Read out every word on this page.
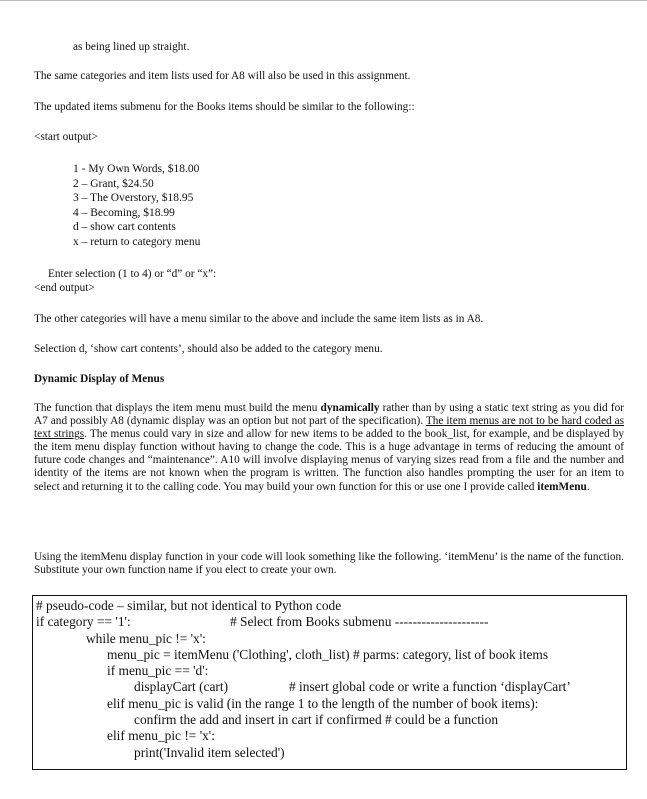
as being lined up straight.
The same categories and item lists used for A8 will also be used in this assignment.
The updated items submenu for the Books items should be similar to the following::
<start output>
1 - My Own Words, $18.00
2 – Grant, $24.50
3 – The Overstory, $18.95
4 – Becoming, $18.99
d – show cart contents
x – return to category menu
Enter selection (1 to 4) or “d” or “x”:
<end output>
The other categories will have a menu similar to the above and include the same item lists as in A8.
Selection d, ‘show cart contents’, should also be added to the category menu.
Dynamic Display of Menus
The function that displays the item menu must build the menu dynamically rather than by using a static text string as you did for A7 and possibly A8 (dynamic display was an option but not part of the specification). The item menus are not to be hard coded as text strings. The menus could vary in size and allow for new items to be added to the book_list, for example, and be displayed by the item menu display function without having to change the code. This is a huge advantage in terms of reducing the amount of future code changes and “maintenance”. A10 will involve displaying menus of varying sizes read from a file and the number and identity of the items are not known when the program is written. The function also handles prompting the user for an item to select and returning it to the calling code. You may build your own function for this or use one I provide called itemMenu.
Using the itemMenu display function in your code will look something like the following. ‘itemMenu’ is the name of the function. Substitute your own function name if you elect to create your own.
# pseudo-code – similar, but not identical to Python code
if category == '1':	# Select from Books submenu ---------------------
while menu_pic != 'x':
menu_pic = itemMenu ('Clothing', cloth_list) # parms: category, list of book items
if menu_pic == 'd':
displayCart (cart)	# insert global code or write a function ‘displayCart’
elif menu_pic is valid (in the range 1 to the length of the number of book items):
confirm the add and insert in cart if confirmed # could be a function
elif menu_pic != 'x':
print('Invalid item selected')
